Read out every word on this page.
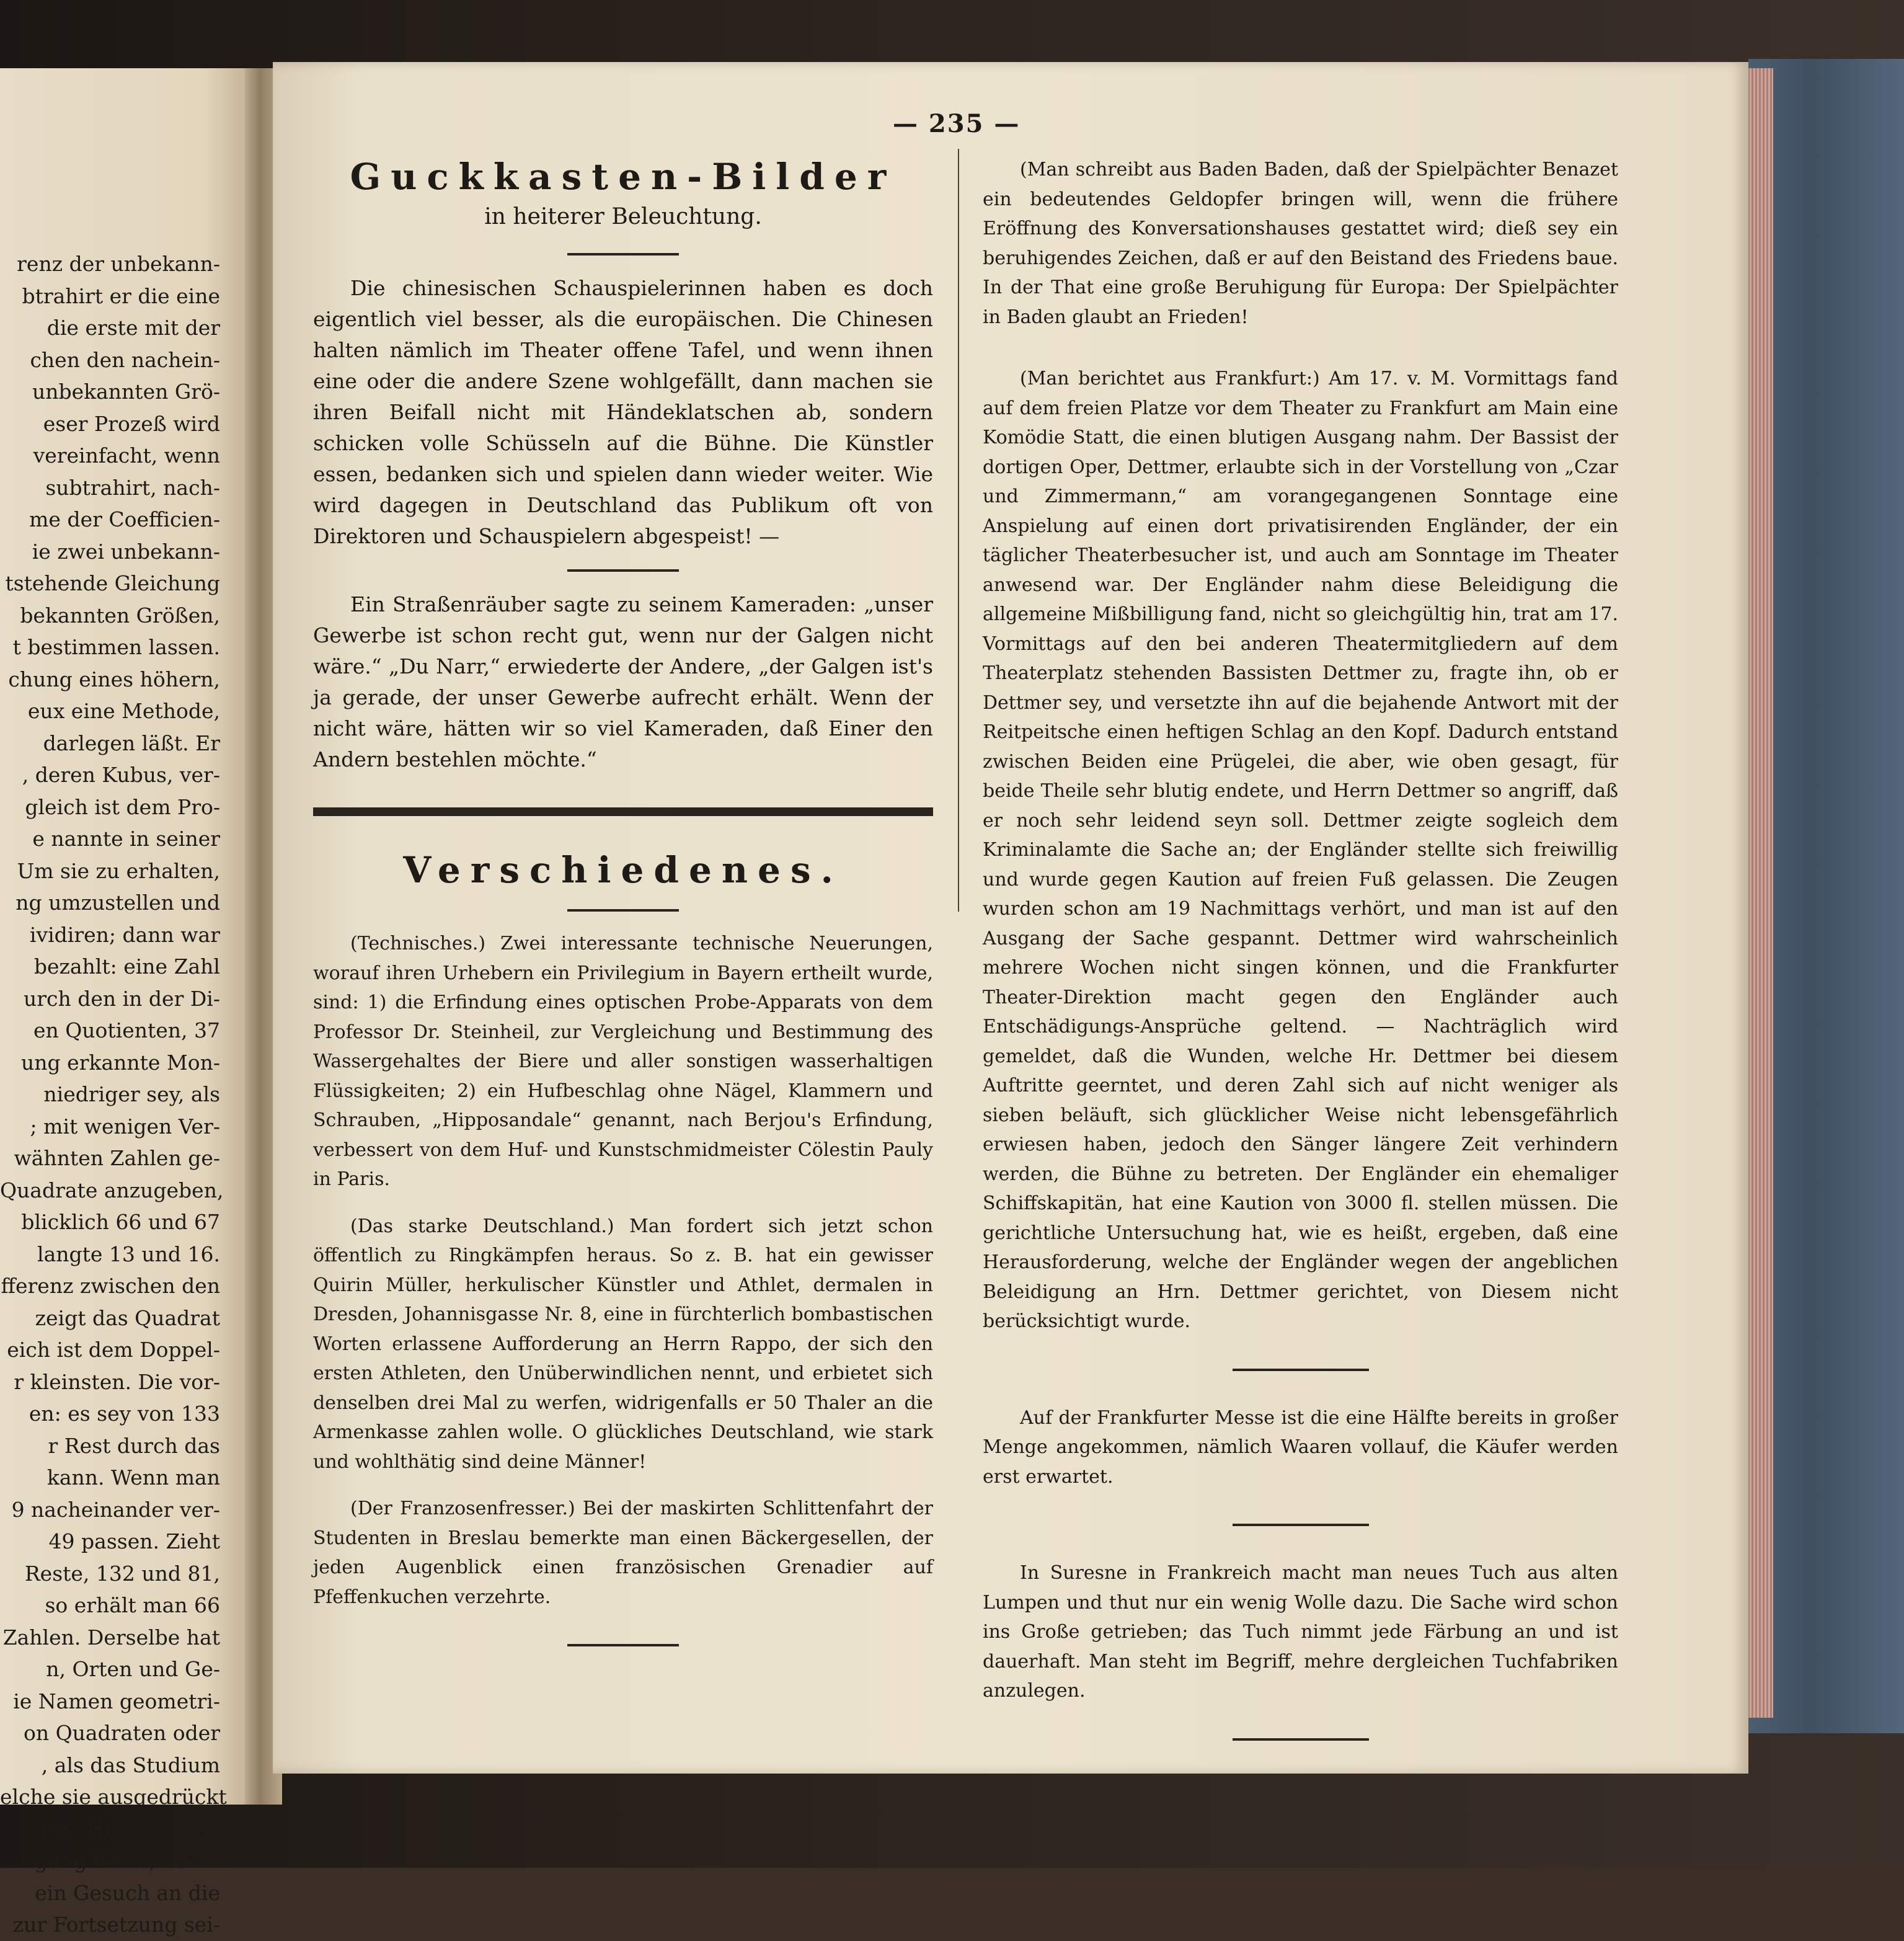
renz der unbekann-
btrahirt er die eine
die erste mit der
chen den nachein-
unbekannten Grö-
eser Prozeß wird
vereinfacht, wenn
subtrahirt, nach-
me der Coefficien-
ie zwei unbekann-
tstehende Gleichung
bekannten Größen,
t bestimmen lassen.
chung eines höhern,
eux eine Methode,
darlegen läßt. Er
, deren Kubus, ver-
gleich ist dem Pro-
e nannte in seiner
Um sie zu erhalten,
ng umzustellen und
ividiren; dann war
bezahlt: eine Zahl
urch den in der Di-
en Quotienten, 37
ung erkannte Mon-
niedriger sey, als
; mit wenigen Ver-
wähnten Zahlen ge-
Quadrate anzugeben,
blicklich 66 und 67
langte 13 und 16.
fferenz zwischen den
zeigt das Quadrat
eich ist dem Doppel-
r kleinsten. Die vor-
en: es sey von 133
r Rest durch das
kann. Wenn man
9 nacheinander ver-
49 passen. Zieht
Reste, 132 und 81,
so erhält man 66
Zahlen. Derselbe hat
n, Orten und Ge-
ie Namen geometri-
on Quadraten oder
, als das Studium
elche sie ausgedrückt
ers; Hr. Jakobi zu
tigung hörte, nahm
ein Gesuch an die
zur Fortsetzung sei-
— 235 —
Guckkasten-Bilder
in heiterer Beleuchtung.

Die chinesischen Schauspielerinnen haben es doch eigentlich viel besser, als die europäischen. Die Chinesen halten nämlich im Theater offene Tafel, und wenn ihnen eine oder die andere Szene wohlgefällt, dann machen sie ihren Beifall nicht mit Händeklatschen ab, sondern schicken volle Schüsseln auf die Bühne. Die Künstler essen, bedanken sich und spielen dann wieder weiter. Wie wird dagegen in Deutschland das Publikum oft von Direktoren und Schauspielern abgespeist! —

Ein Straßenräuber sagte zu seinem Kameraden: „unser Gewerbe ist schon recht gut, wenn nur der Galgen nicht wäre.“ „Du Narr,“ erwiederte der Andere, „der Galgen ist's ja gerade, der unser Gewerbe aufrecht erhält. Wenn der nicht wäre, hätten wir so viel Kameraden, daß Einer den Andern bestehlen möchte.“

Verschiedenes.

(Technisches.) Zwei interessante technische Neuerungen, worauf ihren Urhebern ein Privilegium in Bayern ertheilt wurde, sind: 1) die Erfindung eines optischen Probe-Apparats von dem Professor Dr. Steinheil, zur Vergleichung und Bestimmung des Wassergehaltes der Biere und aller sonstigen wasserhaltigen Flüssigkeiten; 2) ein Hufbeschlag ohne Nägel, Klammern und Schrauben, „Hipposandale“ genannt, nach Berjou's Erfindung, verbessert von dem Huf- und Kunstschmidmeister Cölestin Pauly in Paris.

(Das starke Deutschland.) Man fordert sich jetzt schon öffentlich zu Ringkämpfen heraus. So z. B. hat ein gewisser Quirin Müller, herkulischer Künstler und Athlet, dermalen in Dresden, Johannisgasse Nr. 8, eine in fürchterlich bombastischen Worten erlassene Aufforderung an Herrn Rappo, der sich den ersten Athleten, den Unüberwindlichen nennt, und erbietet sich denselben drei Mal zu werfen, widrigenfalls er 50 Thaler an die Armenkasse zahlen wolle. O glückliches Deutschland, wie stark und wohlthätig sind deine Männer!

(Der Franzosenfresser.) Bei der maskirten Schlittenfahrt der Studenten in Breslau bemerkte man einen Bäckergesellen, der jeden Augenblick einen französischen Grenadier auf Pfeffenkuchen verzehrte.

(Man schreibt aus Baden Baden, daß der Spielpächter Benazet ein bedeutendes Geldopfer bringen will, wenn die frühere Eröffnung des Konversationshauses gestattet wird; dieß sey ein beruhigendes Zeichen, daß er auf den Beistand des Friedens baue. In der That eine große Beruhigung für Europa: Der Spielpächter in Baden glaubt an Frieden!

(Man berichtet aus Frankfurt:) Am 17. v. M. Vormittags fand auf dem freien Platze vor dem Theater zu Frankfurt am Main eine Komödie Statt, die einen blutigen Ausgang nahm. Der Bassist der dortigen Oper, Dettmer, erlaubte sich in der Vorstellung von „Czar und Zimmermann,“ am vorangegangenen Sonntage eine Anspielung auf einen dort privatisirenden Engländer, der ein täglicher Theaterbesucher ist, und auch am Sonntage im Theater anwesend war. Der Engländer nahm diese Beleidigung die allgemeine Mißbilligung fand, nicht so gleichgültig hin, trat am 17. Vormittags auf den bei anderen Theatermitgliedern auf dem Theaterplatz stehenden Bassisten Dettmer zu, fragte ihn, ob er Dettmer sey, und versetzte ihn auf die bejahende Antwort mit der Reitpeitsche einen heftigen Schlag an den Kopf. Dadurch entstand zwischen Beiden eine Prügelei, die aber, wie oben gesagt, für beide Theile sehr blutig endete, und Herrn Dettmer so angriff, daß er noch sehr leidend seyn soll. Dettmer zeigte sogleich dem Kriminalamte die Sache an; der Engländer stellte sich freiwillig und wurde gegen Kaution auf freien Fuß gelassen. Die Zeugen wurden schon am 19 Nachmittags verhört, und man ist auf den Ausgang der Sache gespannt. Dettmer wird wahrscheinlich mehrere Wochen nicht singen können, und die Frankfurter Theater-Direktion macht gegen den Engländer auch Entschädigungs-Ansprüche geltend. — Nachträglich wird gemeldet, daß die Wunden, welche Hr. Dettmer bei diesem Auftritte geerntet, und deren Zahl sich auf nicht weniger als sieben beläuft, sich glücklicher Weise nicht lebensgefährlich erwiesen haben, jedoch den Sänger längere Zeit verhindern werden, die Bühne zu betreten. Der Engländer ein ehemaliger Schiffskapitän, hat eine Kaution von 3000 fl. stellen müssen. Die gerichtliche Untersuchung hat, wie es heißt, ergeben, daß eine Herausforderung, welche der Engländer wegen der angeblichen Beleidigung an Hrn. Dettmer gerichtet, von Diesem nicht berücksichtigt wurde.

Auf der Frankfurter Messe ist die eine Hälfte bereits in großer Menge angekommen, nämlich Waaren vollauf, die Käufer werden erst erwartet.

In Suresne in Frankreich macht man neues Tuch aus alten Lumpen und thut nur ein wenig Wolle dazu. Die Sache wird schon ins Große getrieben; das Tuch nimmt jede Färbung an und ist dauerhaft. Man steht im Begriff, mehre dergleichen Tuchfabriken anzulegen.
